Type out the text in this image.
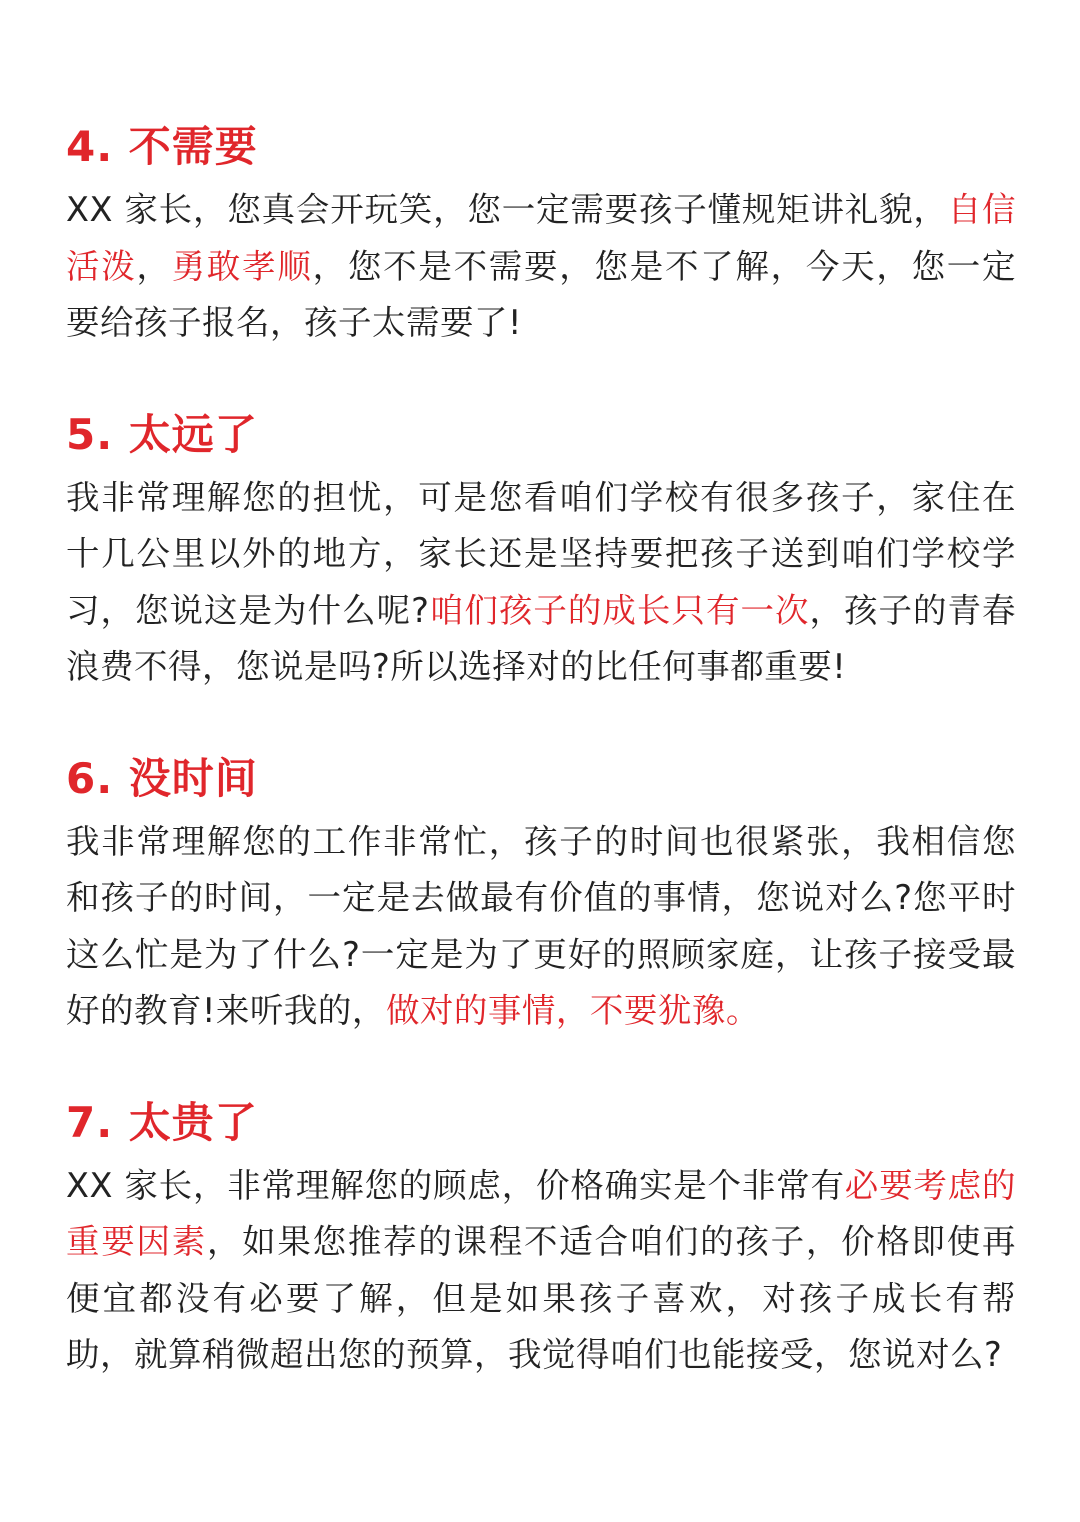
4. 不需要

XX 家长，您真会开玩笑，您一定需要孩子懂规矩讲礼貌，自信活泼，勇敢孝顺，您不是不需要，您是不了解，今天，您一定要给孩子报名，孩子太需要了!

5. 太远了

我非常理解您的担忧，可是您看咱们学校有很多孩子，家住在十几公里以外的地方，家长还是坚持要把孩子送到咱们学校学习，您说这是为什么呢?咱们孩子的成长只有一次，孩子的青春浪费不得，您说是吗?所以选择对的比任何事都重要!

6. 没时间

我非常理解您的工作非常忙，孩子的时间也很紧张，我相信您和孩子的时间，一定是去做最有价值的事情，您说对么?您平时这么忙是为了什么?一定是为了更好的照顾家庭，让孩子接受最好的教育!来听我的，做对的事情，不要犹豫。

7. 太贵了

XX 家长，非常理解您的顾虑，价格确实是个非常有必要考虑的重要因素，如果您推荐的课程不适合咱们的孩子，价格即使再便宜都没有必要了解，但是如果孩子喜欢，对孩子成长有帮助，就算稍微超出您的预算，我觉得咱们也能接受，您说对么?
